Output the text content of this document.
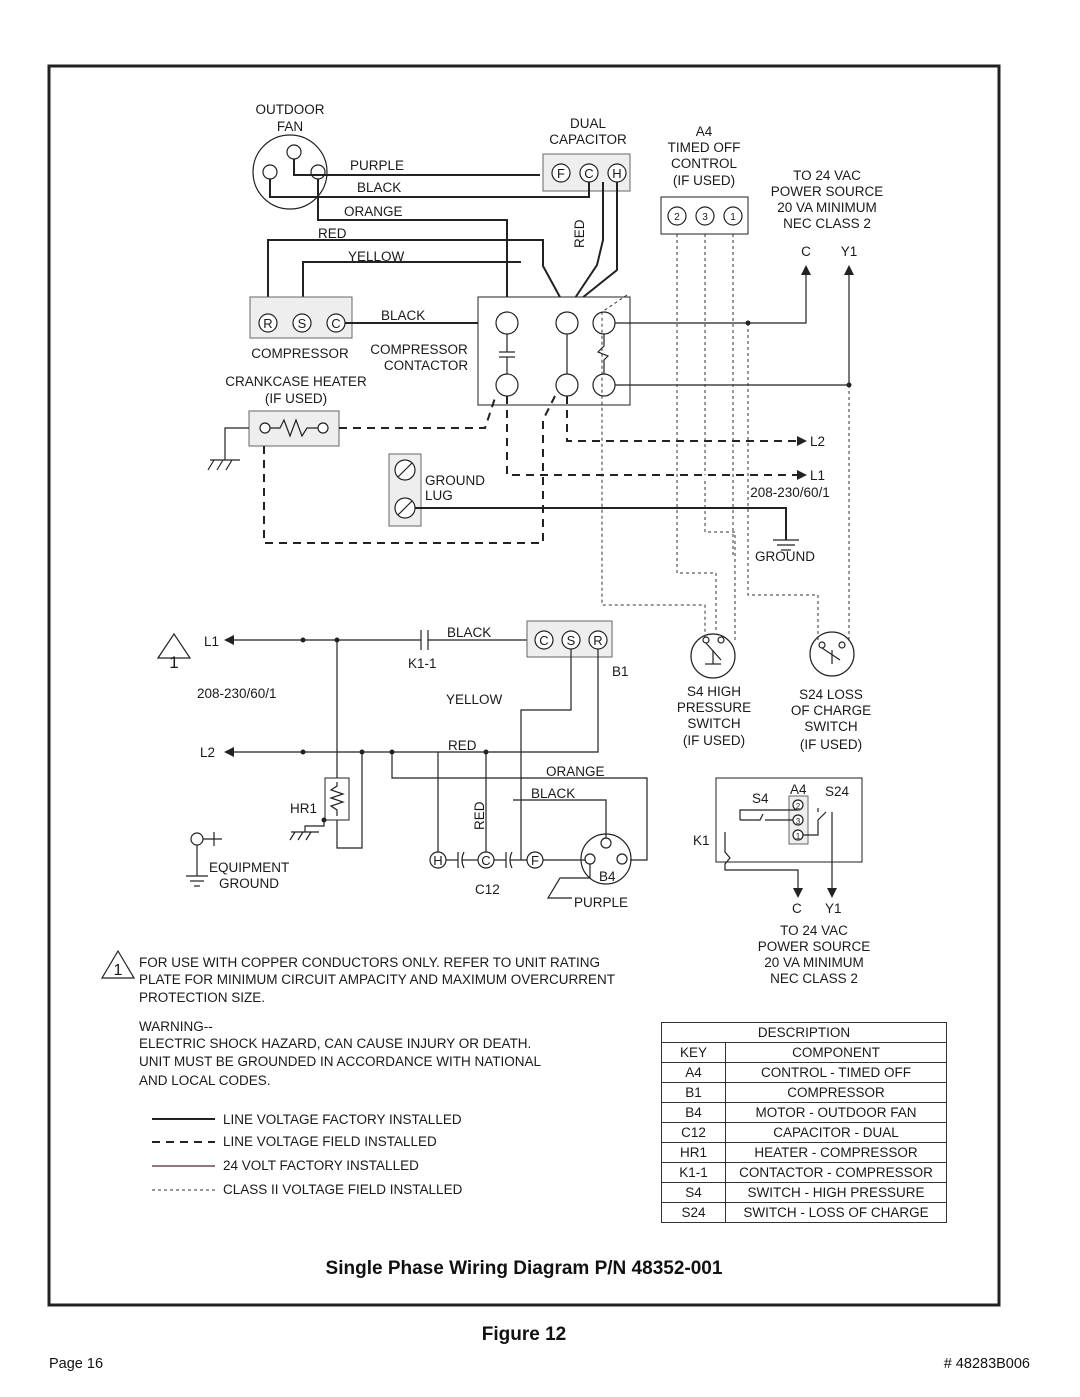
OUTDOOR
FAN
F C H
DUAL
CAPACITOR
A4
TIMED OFF
CONTROL
(IF USED)
2 3 1
TO 24 VAC
POWER SOURCE
20 VA MINIMUM
NEC CLASS 2
C Y1
PURPLE
BLACK
ORANGE
RED
YELLOW
RED
R S C
COMPRESSOR
BLACK
COMPRESSOR
CONTACTOR
CRANKCASE HEATER
(IF USED)
GROUND
LUG
GROUND
L2
L1
208-230/60/1
S4 HIGH
PRESSURE
SWITCH
(IF USED)
S24 LOSS
OF CHARGE
SWITCH
(IF USED)
1
L1
BLACK
K1-1
208-230/60/1
C S R
B1
YELLOW
L2	RED
HR1
EQUIPMENT
GROUND
ORANGE
RED
BLACK
H	C	F
C12
B4
PURPLE
2
3
1
A4
S4	S24
K1
C Y1
TO 24 VAC
POWER SOURCE
20 VA MINIMUM
NEC CLASS 2
1 FOR USE WITH COPPER CONDUCTORS ONLY. REFER TO UNIT RATING
PLATE FOR MINIMUM CIRCUIT AMPACITY AND MAXIMUM OVERCURRENT
PROTECTION SIZE.
WARNING--
ELECTRIC SHOCK HAZARD, CAN CAUSE INJURY OR DEATH.
UNIT MUST BE GROUNDED IN ACCORDANCE WITH NATIONAL
AND LOCAL CODES.
LINE VOLTAGE FACTORY INSTALLED
LINE VOLTAGE FIELD INSTALLED
24 VOLT FACTORY INSTALLED
CLASS II VOLTAGE FIELD INSTALLED
Single Phase Wiring Diagram P/N 48352-001
Figure 12
Page 16	# 48283B006
DESCRIPTION	
KEY	COMPONENT
A4	CONTROL - TIMED OFF
B1	COMPRESSOR
B4	MOTOR - OUTDOOR FAN
C12	CAPACITOR - DUAL
HR1	HEATER - COMPRESSOR
K1-1	CONTACTOR - COMPRESSOR
S4	SWITCH - HIGH PRESSURE
S24	SWITCH - LOSS OF CHARGE
